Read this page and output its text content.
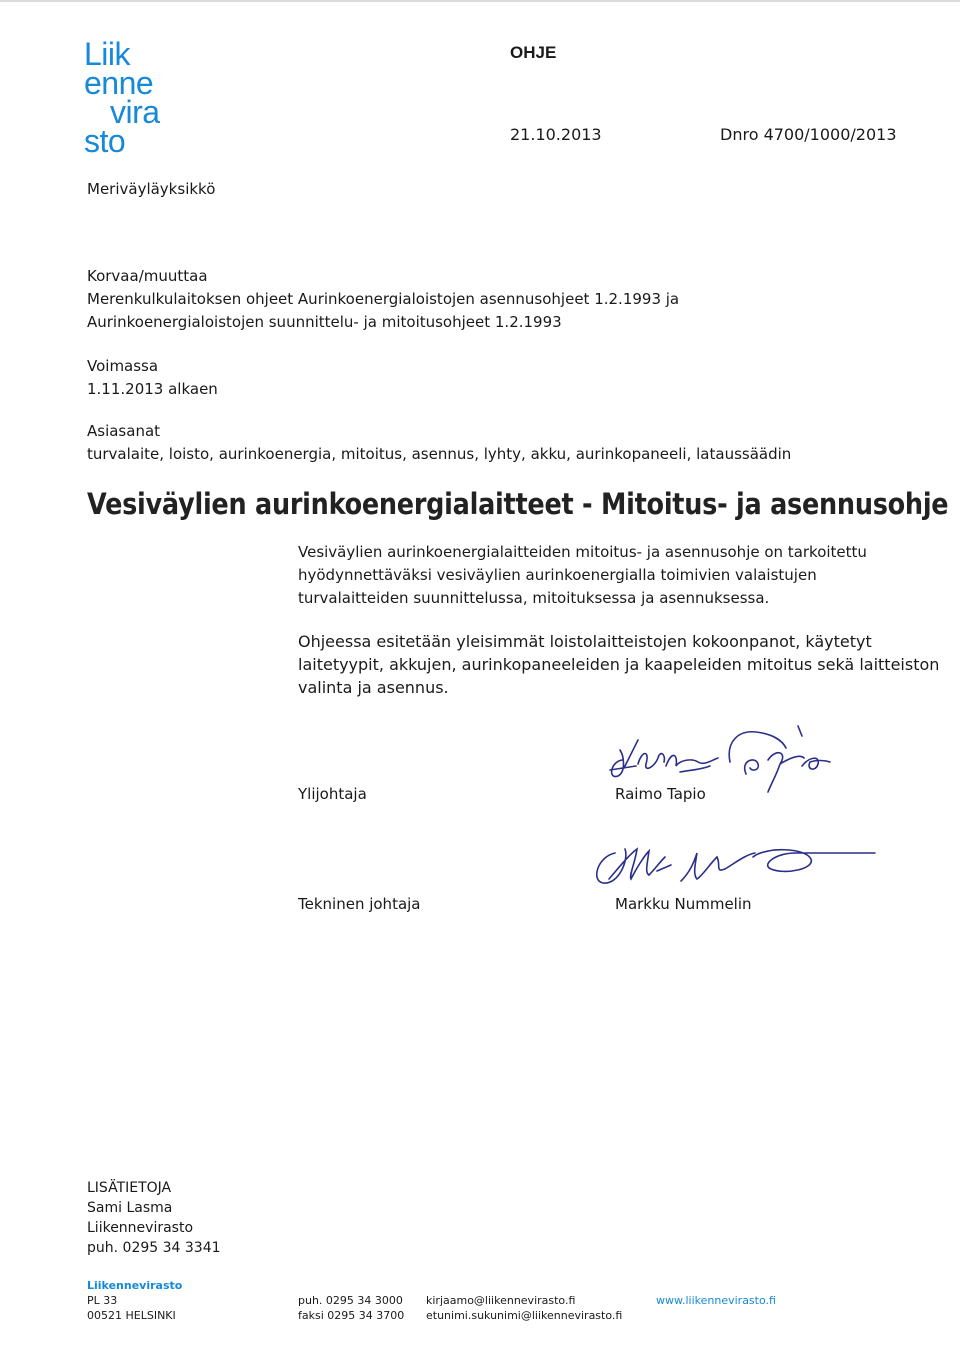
Liik
enne
vira
sto
OHJE
21.10.2013	Dnro 4700/1000/2013
Meriväyläyksikkö
Korvaa/muuttaa
Merenkulkulaitoksen ohjeet Aurinkoenergialoistojen asennusohjeet 1.2.1993 ja
Aurinkoenergialoistojen suunnittelu- ja mitoitusohjeet 1.2.1993
Voimassa
1.11.2013 alkaen
Asiasanat
turvalaite, loisto, aurinkoenergia, mitoitus, asennus, lyhty, akku, aurinkopaneeli, lataussäädin
Vesiväylien aurinkoenergialaitteet - Mitoitus- ja asennusohje
Vesiväylien aurinkoenergialaitteiden mitoitus- ja asennusohje on tarkoitettu
hyödynnettäväksi vesiväylien aurinkoenergialla toimivien valaistujen
turvalaitteiden suunnittelussa, mitoituksessa ja asennuksessa.
Ohjeessa esitetään yleisimmät loistolaitteistojen kokoonpanot, käytetyt
laitetyypit, akkujen, aurinkopaneeleiden ja kaapeleiden mitoitus sekä laitteiston
valinta ja asennus.
Ylijohtaja	Raimo Tapio
Tekninen johtaja	Markku Nummelin
LISÄTIETOJA
Sami Lasma
Liikennevirasto
puh. 0295 34 3341
Liikennevirasto
PL 33
00521 HELSINKI
puh. 0295 34 3000
faksi 0295 34 3700
kirjaamo@liikennevirasto.fi
etunimi.sukunimi@liikennevirasto.fi
www.liikennevirasto.fi
